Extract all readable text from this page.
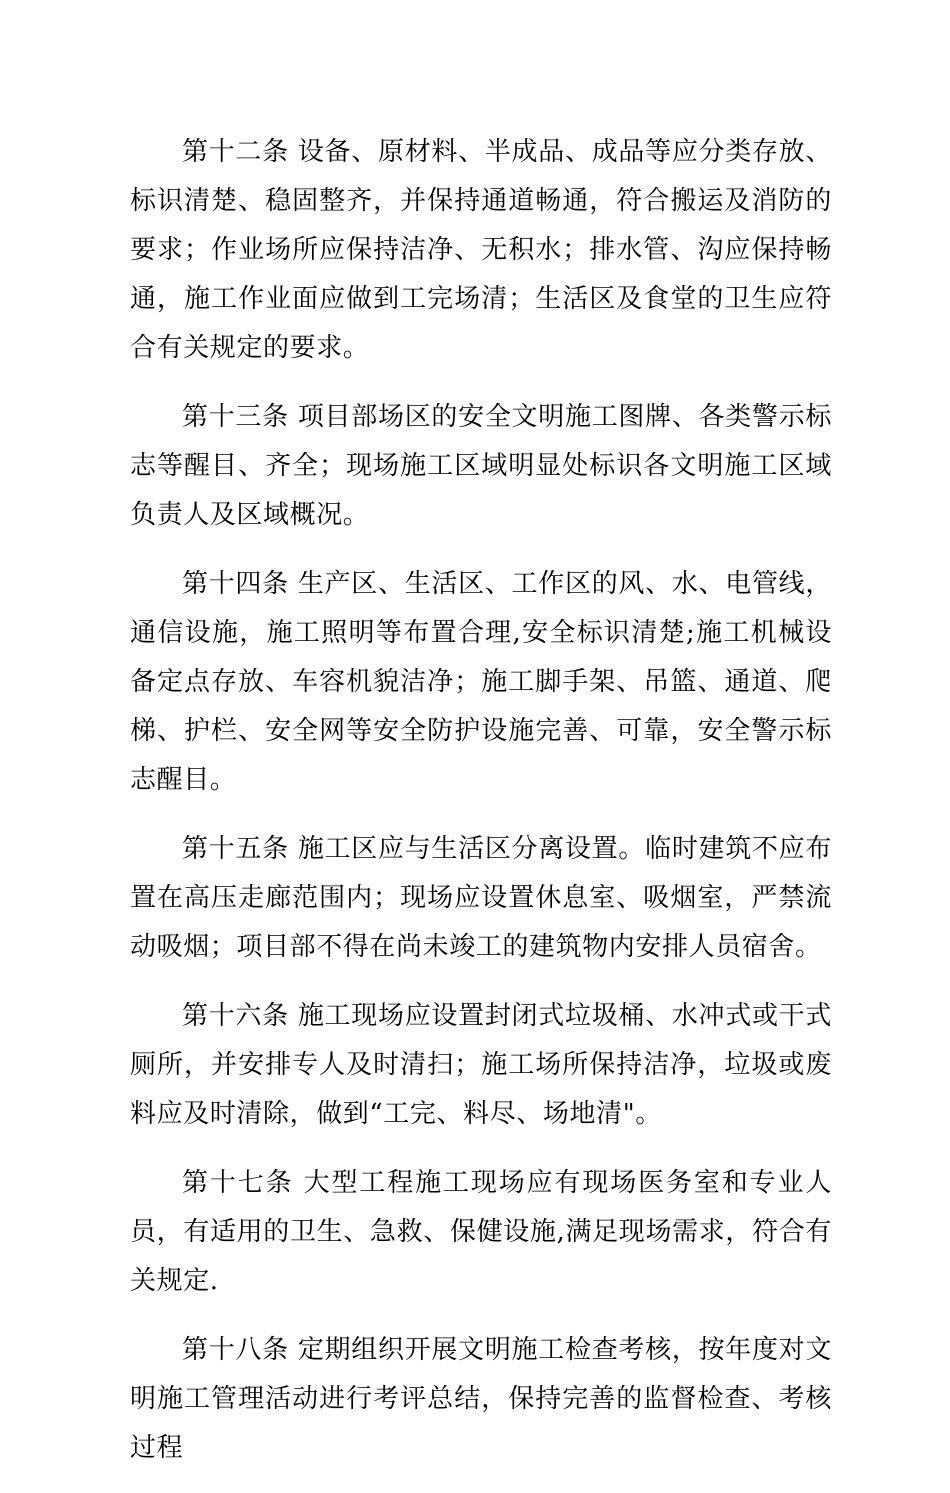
第十二条 设备、原材料、半成品、成品等应分类存放、标识清楚、稳固整齐，并保持通道畅通，符合搬运及消防的要求；作业场所应保持洁净、无积水；排水管、沟应保持畅通，施工作业面应做到工完场清；生活区及食堂的卫生应符合有关规定的要求。

第十三条 项目部场区的安全文明施工图牌、各类警示标志等醒目、齐全；现场施工区域明显处标识各文明施工区域负责人及区域概况。

第十四条 生产区、生活区、工作区的风、水、电管线，通信设施，施工照明等布置合理,安全标识清楚;施工机械设备定点存放、车容机貌洁净；施工脚手架、吊篮、通道、爬梯、护栏、安全网等安全防护设施完善、可靠，安全警示标志醒目。

第十五条 施工区应与生活区分离设置。临时建筑不应布置在高压走廊范围内；现场应设置休息室、吸烟室，严禁流动吸烟；项目部不得在尚未竣工的建筑物内安排人员宿舍。

第十六条 施工现场应设置封闭式垃圾桶、水冲式或干式厕所，并安排专人及时清扫；施工场所保持洁净，垃圾或废料应及时清除，做到“工完、料尽、场地清"。

第十七条 大型工程施工现场应有现场医务室和专业人员，有适用的卫生、急救、保健设施,满足现场需求，符合有关规定.

第十八条 定期组织开展文明施工检查考核，按年度对文明施工管理活动进行考评总结，保持完善的监督检查、考核过程
